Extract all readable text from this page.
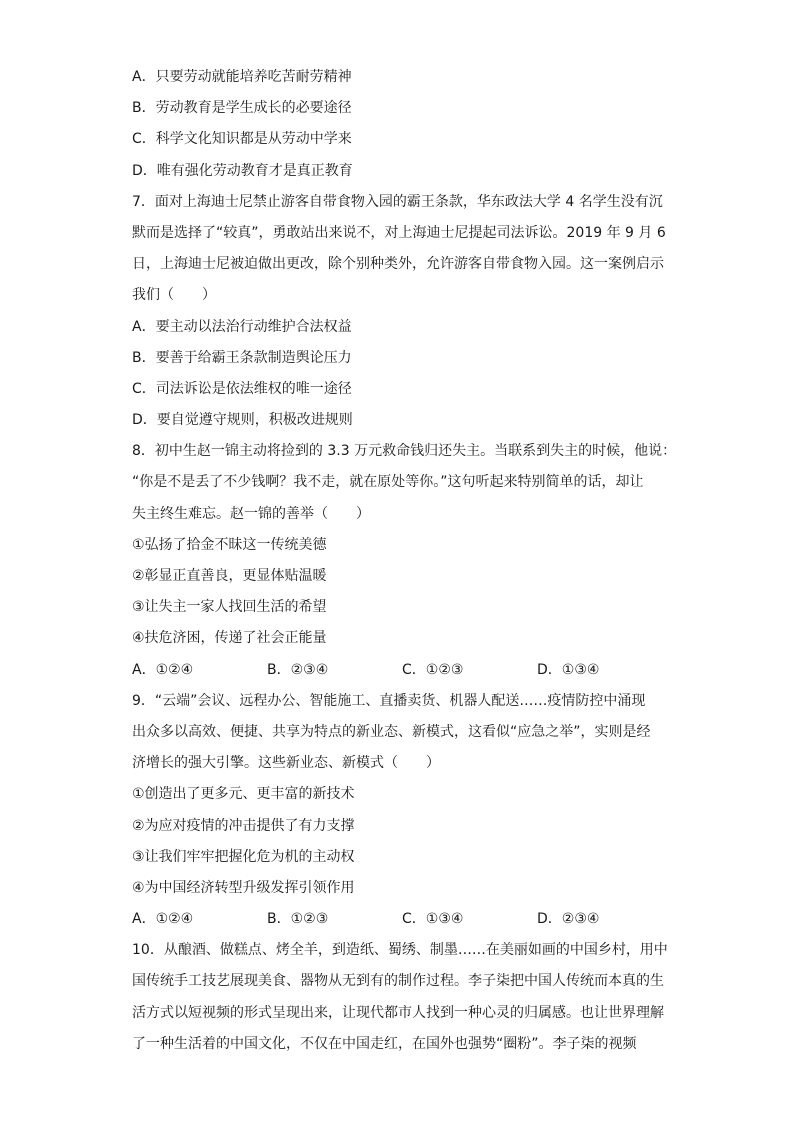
A．只要劳动就能培养吃苦耐劳精神
B．劳动教育是学生成长的必要途径
C．科学文化知识都是从劳动中学来
D．唯有强化劳动教育才是真正教育
7．面对上海迪士尼禁止游客自带食物入园的霸王条款，华东政法大学 4 名学生没有沉
默而是选择了“较真”，勇敢站出来说不，对上海迪士尼提起司法诉讼。2019 年 9 月 6
日，上海迪士尼被迫做出更改，除个别种类外，允许游客自带食物入园。这一案例启示
我们（　　）
A．要主动以法治行动维护合法权益
B．要善于给霸王条款制造舆论压力
C．司法诉讼是依法维权的唯一途径
D．要自觉遵守规则，积极改进规则
8．初中生赵一锦主动将捡到的 3.3 万元救命钱归还失主。当联系到失主的时候，他说：
“你是不是丢了不少钱啊？我不走，就在原处等你。”这句听起来特别简单的话，却让
失主终生难忘。赵一锦的善举（　　）
①弘扬了拾金不昧这一传统美德
②彰显正直善良，更显体贴温暖
③让失主一家人找回生活的希望
④扶危济困，传递了社会正能量
A．①②④	B．②③④	C．①②③	D．①③④
9．“云端”会议、远程办公、智能施工、直播卖货、机器人配送……疫情防控中涌现
出众多以高效、便捷、共享为特点的新业态、新模式，这看似“应急之举”，实则是经
济增长的强大引擎。这些新业态、新模式（　　）
①创造出了更多元、更丰富的新技术
②为应对疫情的冲击提供了有力支撑
③让我们牢牢把握化危为机的主动权
④为中国经济转型升级发挥引领作用
A．①②④	B．①②③	C．①③④	D．②③④
10．从酿酒、做糕点、烤全羊，到造纸、蜀绣、制墨……在美丽如画的中国乡村，用中
国传统手工技艺展现美食、器物从无到有的制作过程。李子柒把中国人传统而本真的生
活方式以短视频的形式呈现出来，让现代都市人找到一种心灵的归属感。也让世界理解
了一种生活着的中国文化，不仅在中国走红，在国外也强势“圈粉”。李子柒的视频
